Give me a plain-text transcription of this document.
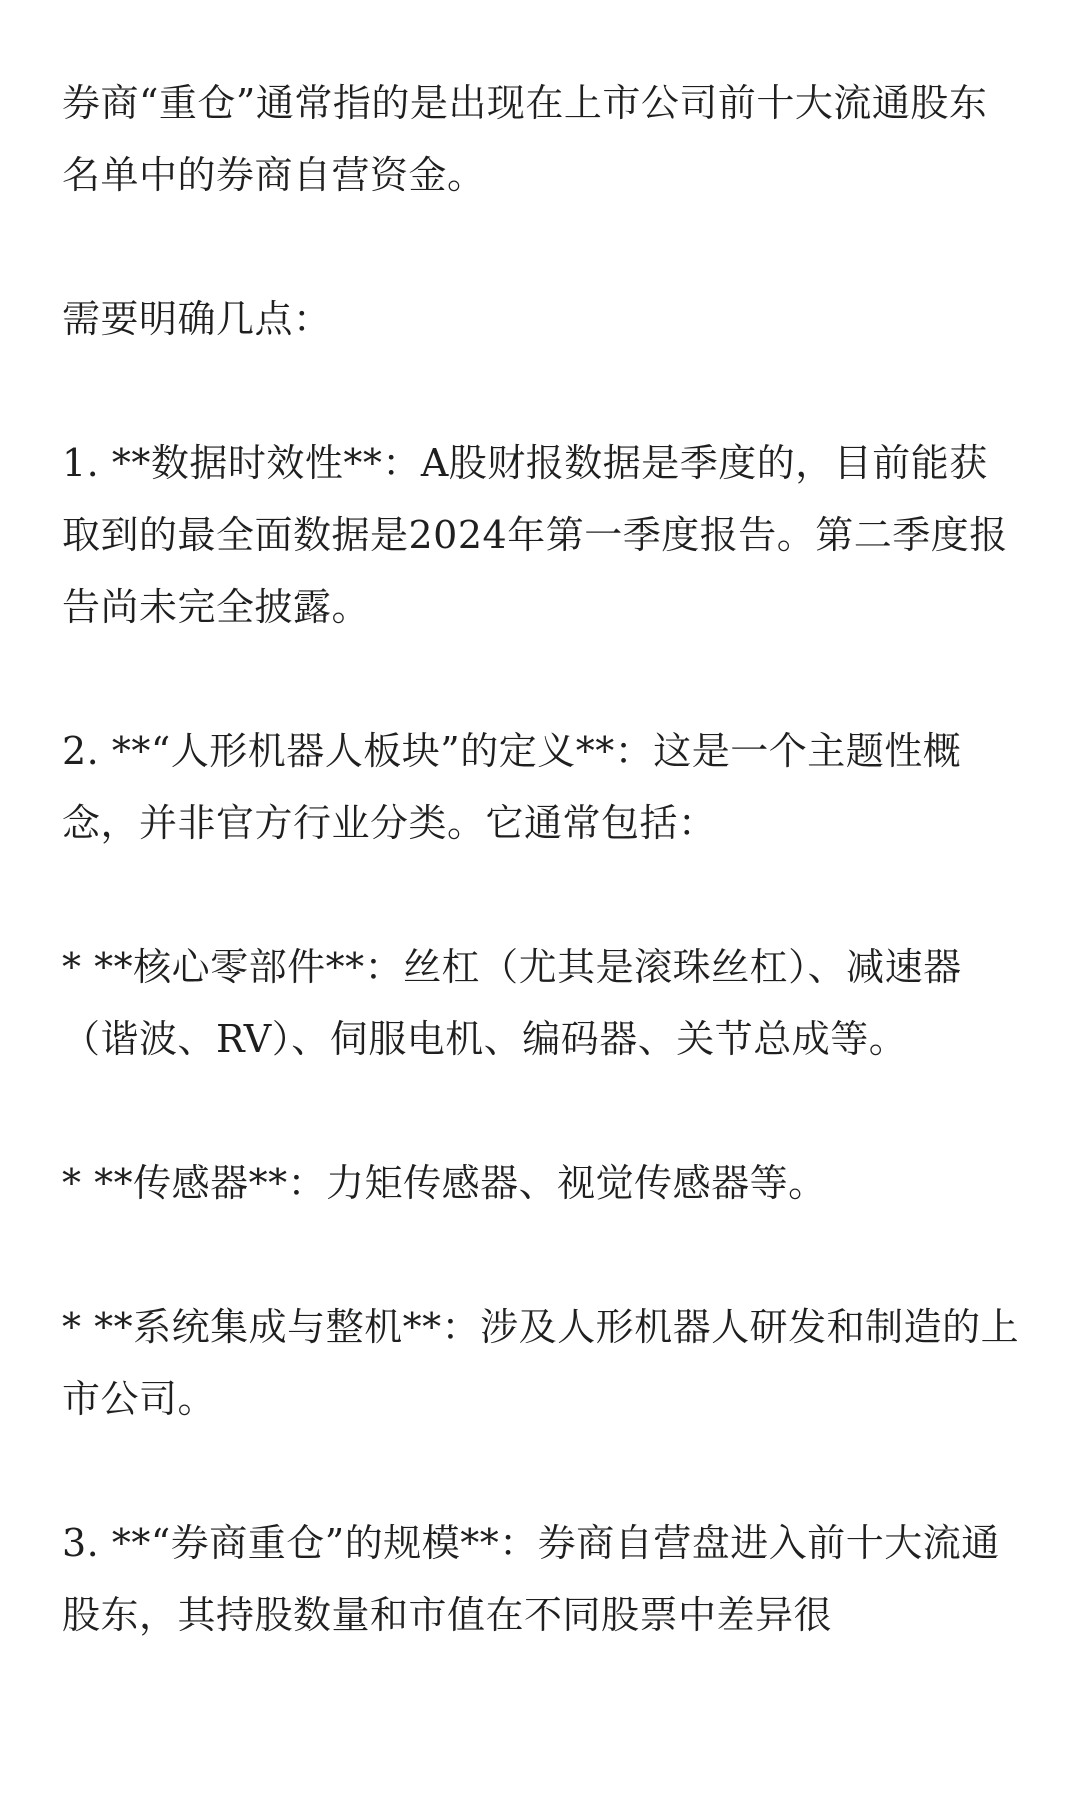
券商“重仓”通常指的是出现在上市公司前十大流通股东名单中的券商自营资金。

需要明确几点：

1. **数据时效性**：A股财报数据是季度的，目前能获取到的最全面数据是2024年第一季度报告。第二季度报告尚未完全披露。

2. **“人形机器人板块”的定义**：这是一个主题性概念，并非官方行业分类。它通常包括：

* **核心零部件**：丝杠（尤其是滚珠丝杠）、减速器（谐波、RV）、伺服电机、编码器、关节总成等。

* **传感器**：力矩传感器、视觉传感器等。

* **系统集成与整机**：涉及人形机器人研发和制造的上市公司。

3. **“券商重仓”的规模**：券商自营盘进入前十大流通股东，其持股数量和市值在不同股票中差异很
